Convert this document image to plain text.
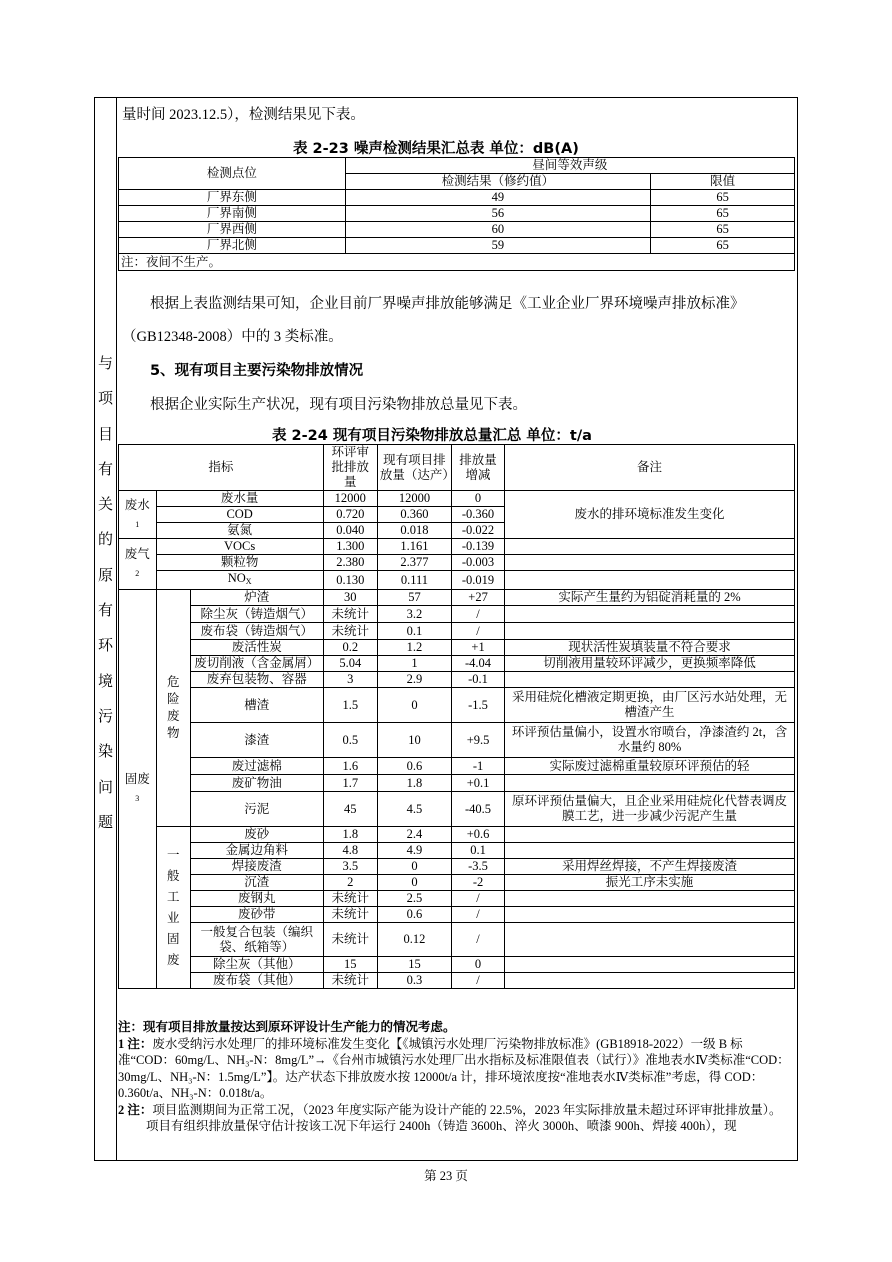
与
项
目
有
关
的
原
有
环
境
污
染
问
题
量时间 2023.12.5），检测结果见下表。
表 2-23 噪声检测结果汇总表 单位：dB(A)
检测点位	昼间等效声级	
	检测结果（修约值）	限值
厂界东侧	49	65
厂界南侧	56	65
厂界西侧	60	65
厂界北侧	59	65
注：夜间不生产。		
根据上表监测结果可知，企业目前厂界噪声排放能够满足《工业企业厂界环境噪声排放标准》
（GB12348-2008）中的 3 类标准。
5、现有项目主要污染物排放情况
根据企业实际生产状况，现有项目污染物排放总量见下表。
表 2-24 现有项目污染物排放总量汇总 单位：t/a
指标			环评审批排放量	现有项目排放量（达产）	排放量增减	备注
废水
$_1$	废水量		12000	12000	0	废水的排环境标准发生变化
	COD		0.720	0.360	-0.360	
	氨氮		0.040	0.018	-0.022	
废气
$_2$	VOCs		1.300	1.161	-0.139	
	颗粒物		2.380	2.377	-0.003	
	NOX		0.130	0.111	-0.019	
固废
$_3$	危险废物	炉渣	30	57	+27	实际产生量约为铝碇消耗量的 2%
		除尘灰（铸造烟气）	未统计	3.2	/	
		废布袋（铸造烟气）	未统计	0.1	/	
		废活性炭	0.2	1.2	+1	现状活性炭填装量不符合要求
		废切削液（含金属屑）	5.04	1	-4.04	切削液用量较环评减少，更换频率降低
		废弃包装物、容器	3	2.9	-0.1	
		槽渣	1.5	0	-1.5	采用硅烷化槽液定期更换，由厂区污水站处理，无槽渣产生
		漆渣	0.5	10	+9.5	环评预估量偏小，设置水帘喷台，净漆渣约 2t，含水量约 80%
		废过滤棉	1.6	0.6	-1	实际废过滤棉重量较原环评预估的轻
		废矿物油	1.7	1.8	+0.1	
		污泥	45	4.5	-40.5	原环评预估量偏大，且企业采用硅烷化代替表调皮膜工艺，进一步减少污泥产生量
	一般工业固废	废砂	1.8	2.4	+0.6	
		金属边角料	4.8	4.9	0.1	
		焊接废渣	3.5	0	-3.5	采用焊丝焊接，不产生焊接废渣
		沉渣	2	0	-2	振光工序未实施
		废钢丸	未统计	2.5	/	
		废砂带	未统计	0.6	/	
		一般复合包装（编织袋、纸箱等）	未统计	0.12	/	
		除尘灰（其他）	15	15	0	
		废布袋（其他）	未统计	0.3	/	
注：现有项目排放量按达到原环评设计生产能力的情况考虑。
1 注：废水受纳污水处理厂的排环境标准发生变化【《城镇污水处理厂污染物排放标准》(GB18918-2022）一级 B 标准“COD：60mg/L、NH₃-N：8mg/L”→《台州市城镇污水处理厂出水指标及标准限值表（试行）》准地表水Ⅳ类标准“COD：30mg/L、NH₃-N：1.5mg/L”】。达产状态下排放废水按 12000t/a 计，排环境浓度按“准地表水Ⅳ类标准”考虑，得 COD：0.360t/a、NH₃-N：0.018t/a。
2 注：项目监测期间为正常工况，（2023 年度实际产能为设计产能的 22.5%，2023 年实际排放量未超过环评审批排放量）。
项目有组织排放量保守估计按该工况下年运行 2400h（铸造 3600h、淬火 3000h、喷漆 900h、焊接 400h），现
第 23 页
